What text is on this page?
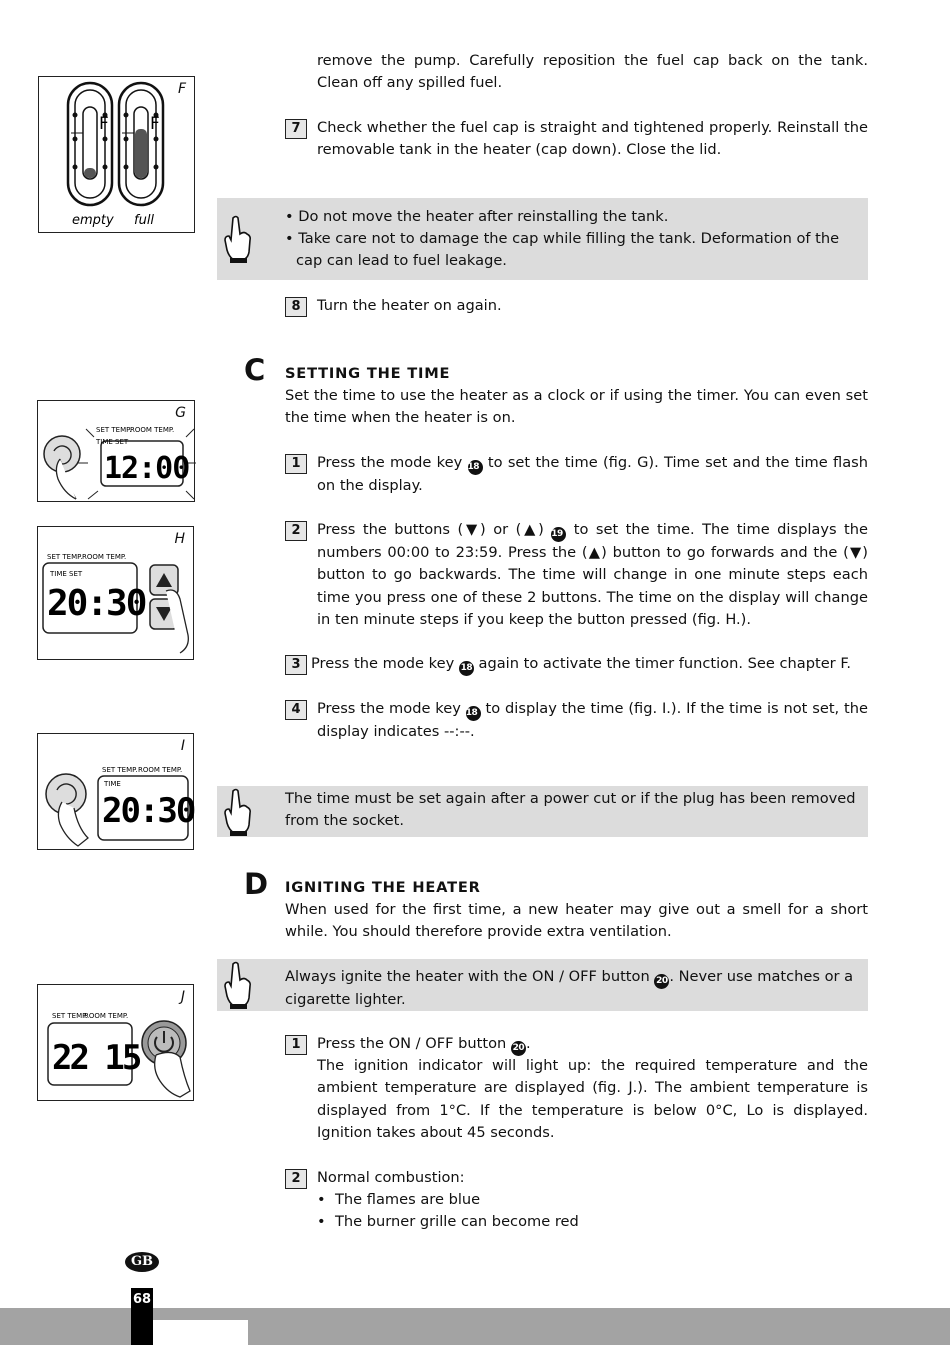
F F
empty full
F
SET TEMP.
ROOM TEMP.
TIME SET
12:00
G
SET TEMP. ROOM TEMP.
TIME SET
20:30
H
SET TEMP. ROOM TEMP.
TIME
20:30
I
SET TEMP.
ROOM TEMP.
22 15
J
remove the pump. Carefully reposition the fuel cap back on the tank. Clean off any spilled fuel.
7	Check whether the fuel cap is straight and tightened properly. Reinstall the removable tank in the heater (cap down). Close the lid.
• Do not move the heater after reinstalling the tank.
• Take care not to damage the cap while filling the tank. Deformation of the cap can lead to fuel leakage.
8	Turn the heater on again.
C SETTING THE TIME
Set the time to use the heater as a clock or if using the timer. You can even set the time when the heater is on.
1	Press the mode key 18 to set the time (fig. G). Time set and the time flash on the display.
2	Press the buttons (▼) or (▲) 19 to set the time. The time displays the numbers 00:00 to 23:59. Press the (▲) button to go forwards and the (▼) button to go backwards. The time will change in one minute steps each time you press one of these 2 buttons. The time on the display will change in ten minute steps if you keep the button pressed (fig. H.).
3 Press the mode key 18 again to activate the timer function. See chapter F.
4	Press the mode key 18 to display the time (fig. I.). If the time is not set, the display indicates --:--.
The time must be set again after a power cut or if the plug has been removed from the socket.
D IGNITING THE HEATER
When used for the first time, a new heater may give out a smell for a short while. You should therefore provide extra ventilation.
Always ignite the heater with the ON / OFF button 20 . Never use matches or a cigarette lighter.
1	Press the ON / OFF button 20 .
The ignition indicator will light up: the required temperature and the ambient temperature are displayed (fig. J.). The ambient temperature is displayed from 1°C. If the temperature is below 0°C, Lo is displayed. Ignition takes about 45 seconds.
2	Normal combustion:
• The flames are blue
• The burner grille can become red
GB
68
